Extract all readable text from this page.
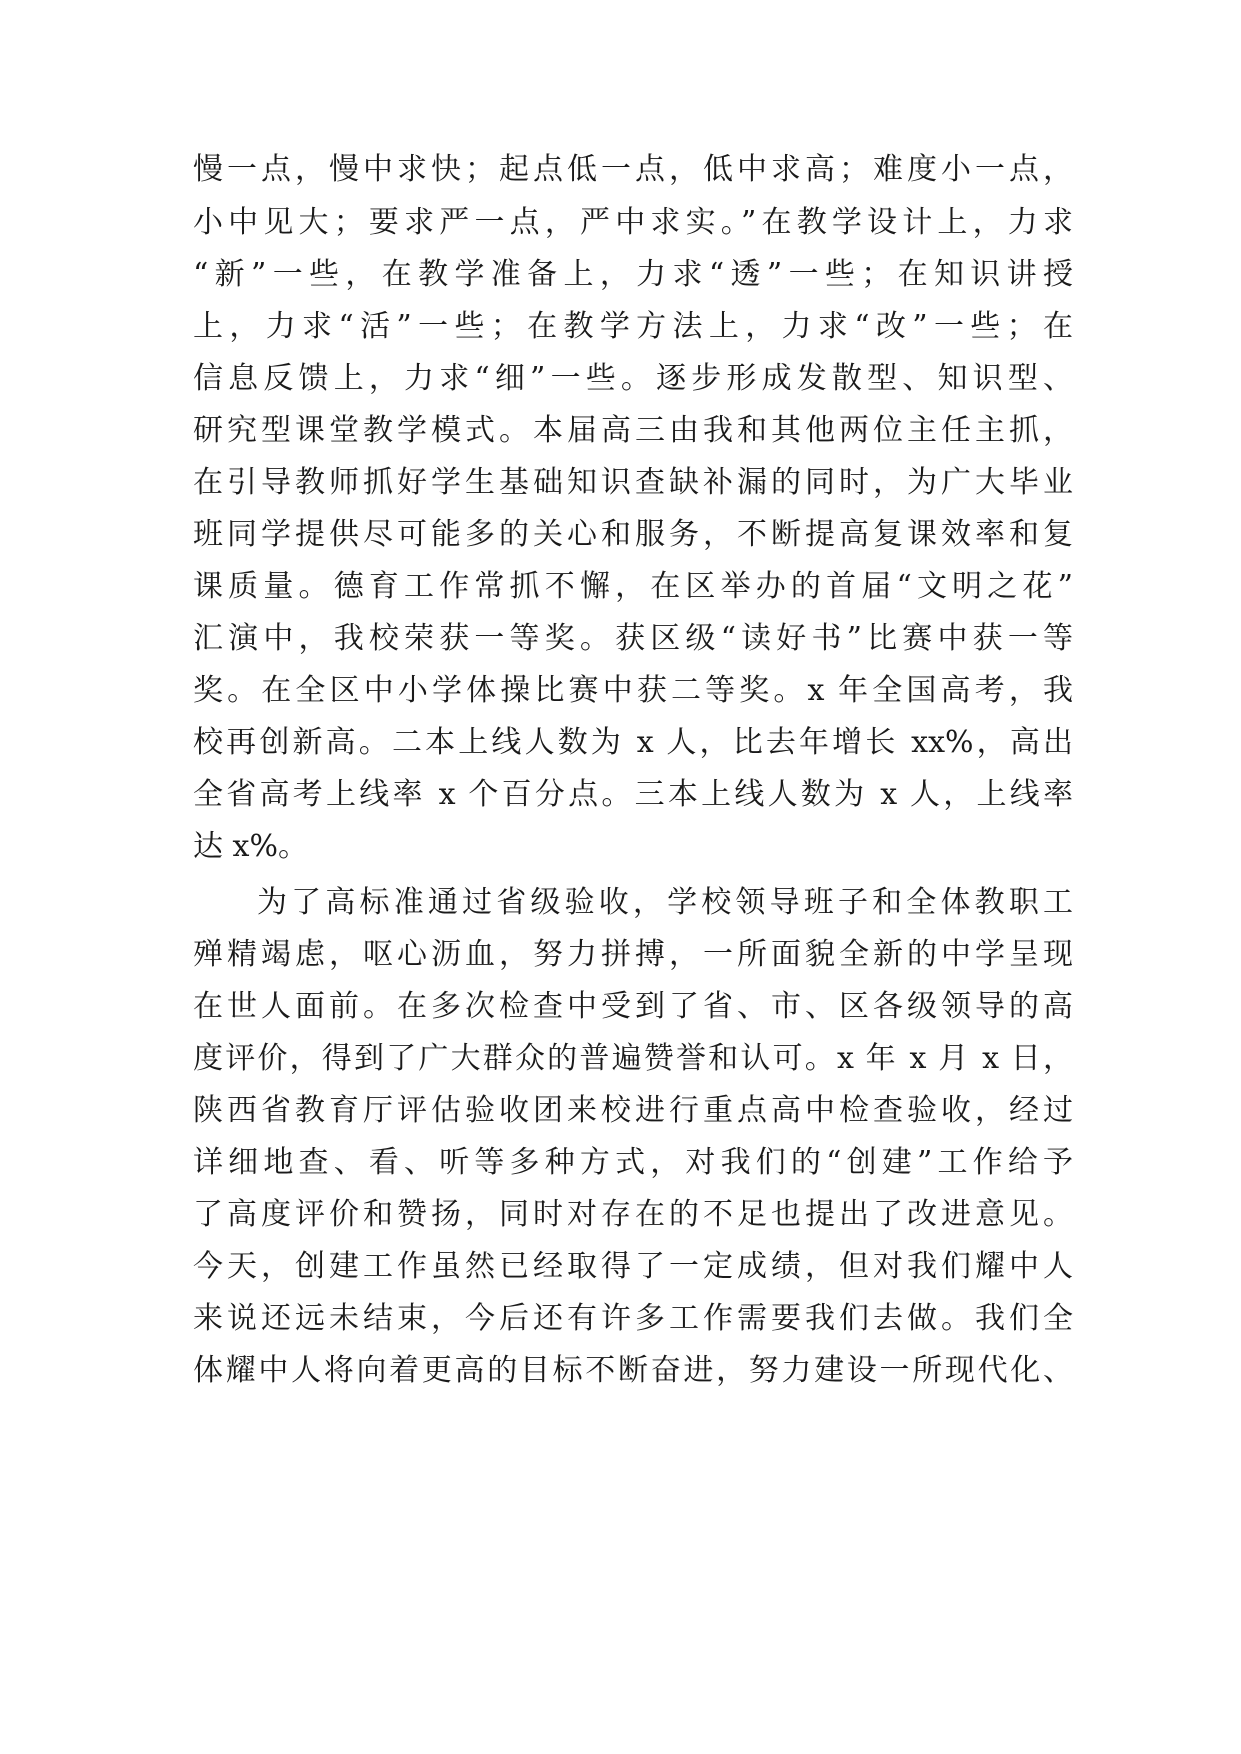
慢一点，慢中求快；起点低一点，低中求高；难度小一点，
小中见大；要求严一点，严中求实。”在教学设计上，力求
“新”一些，在教学准备上，力求“透”一些；在知识讲授
上，力求“活”一些；在教学方法上，力求“改”一些；在
信息反馈上，力求“细”一些。逐步形成发散型、知识型、
研究型课堂教学模式。本届高三由我和其他两位主任主抓，
在引导教师抓好学生基础知识查缺补漏的同时，为广大毕业
班同学提供尽可能多的关心和服务，不断提高复课效率和复
课质量。德育工作常抓不懈，在区举办的首届“文明之花”
汇演中，我校荣获一等奖。获区级“读好书”比赛中获一等
奖。在全区中小学体操比赛中获二等奖。x 年全国高考，我
校再创新高。二本上线人数为 x 人，比去年增长 xx%，高出
全省高考上线率 x 个百分点。三本上线人数为 x 人，上线率
达 x%。
为了高标准通过省级验收，学校领导班子和全体教职工
殚精竭虑，呕心沥血，努力拼搏，一所面貌全新的中学呈现
在世人面前。在多次检查中受到了省、市、区各级领导的高
度评价，得到了广大群众的普遍赞誉和认可。x 年 x 月 x 日，
陕西省教育厅评估验收团来校进行重点高中检查验收，经过
详细地查、看、听等多种方式，对我们的“创建”工作给予
了高度评价和赞扬，同时对存在的不足也提出了改进意见。
今天，创建工作虽然已经取得了一定成绩，但对我们耀中人
来说还远未结束，今后还有许多工作需要我们去做。我们全
体耀中人将向着更高的目标不断奋进，努力建设一所现代化、
